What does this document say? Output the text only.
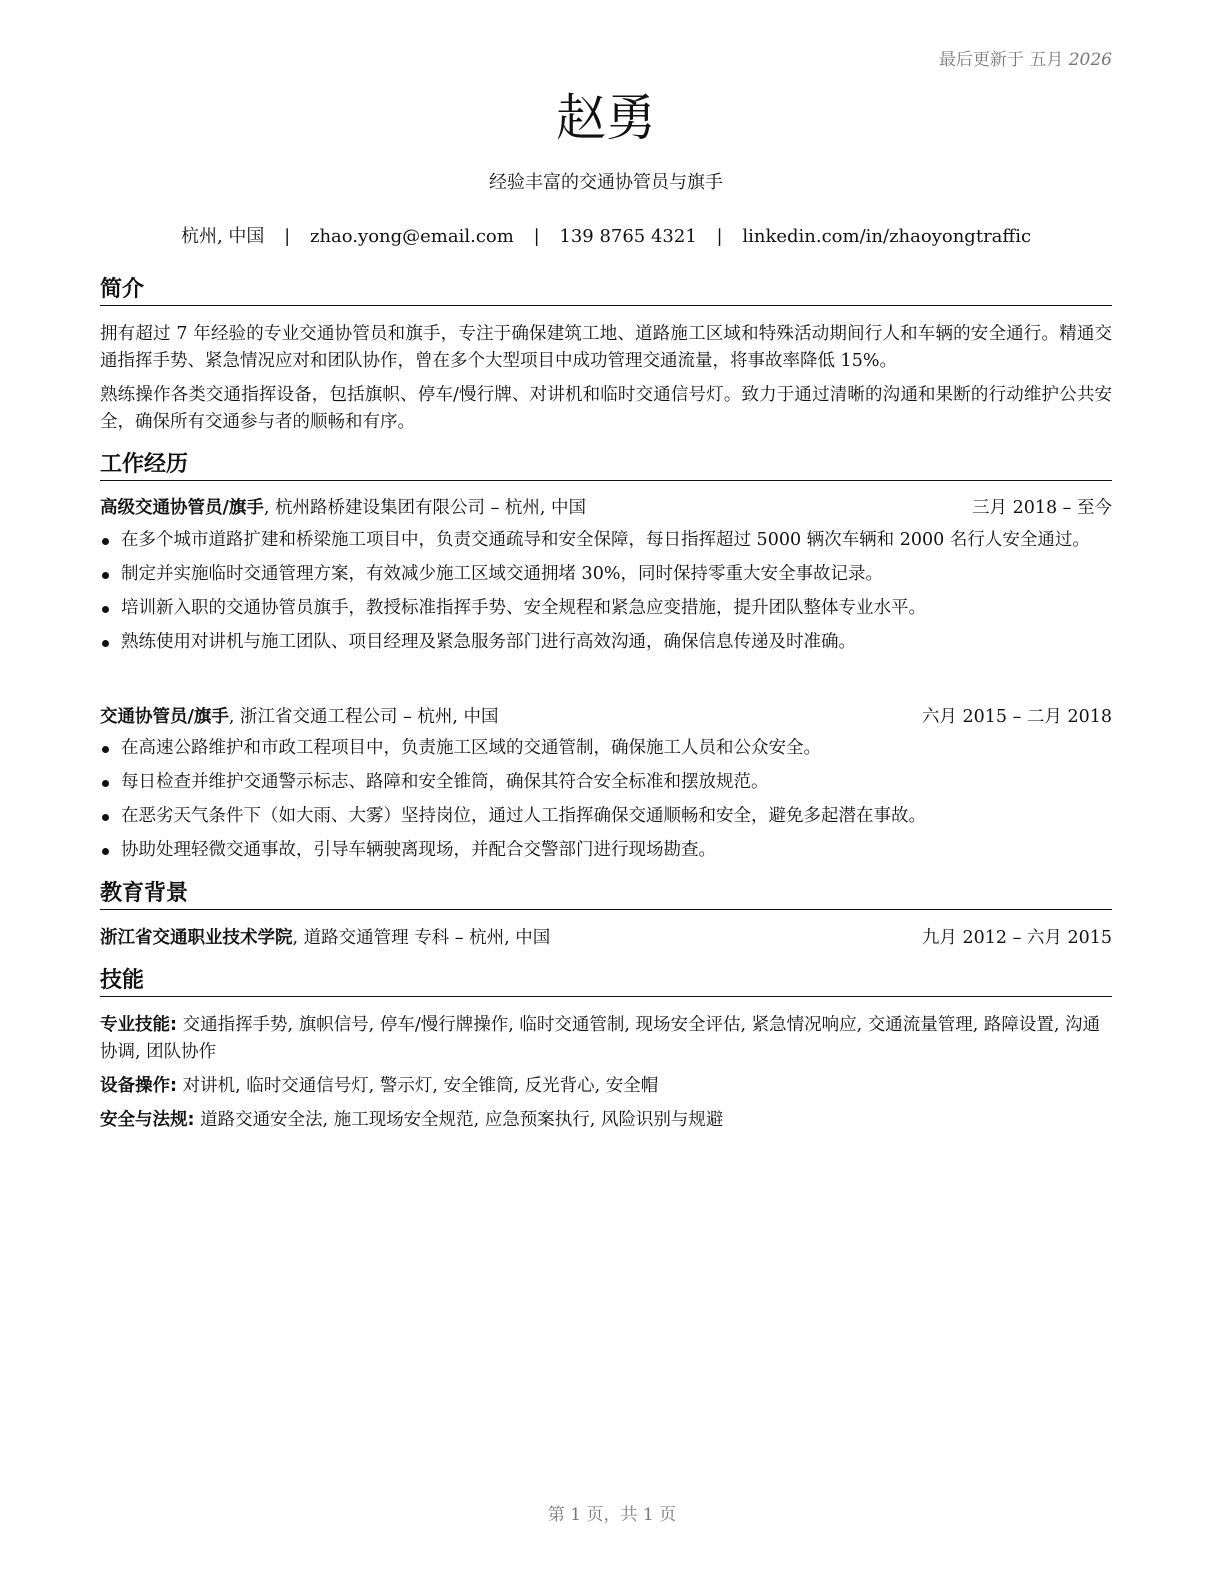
最后更新于 五月 2026
赵勇
经验丰富的交通协管员与旗手
杭州, 中国 | zhao.yong@email.com | 139 8765 4321 | linkedin.com/in/zhaoyongtraffic
简介
拥有超过 7 年经验的专业交通协管员和旗手，专注于确保建筑工地、道路施工区域和特殊活动期间行人和车辆的安全通行。精通交通指挥手势、紧急情况应对和团队协作，曾在多个大型项目中成功管理交通流量，将事故率降低 15%。
熟练操作各类交通指挥设备，包括旗帜、停车/慢行牌、对讲机和临时交通信号灯。致力于通过清晰的沟通和果断的行动维护公共安全，确保所有交通参与者的顺畅和有序。
工作经历
高级交通协管员/旗手, 杭州路桥建设集团有限公司 – 杭州, 中国	三月 2018 – 至今
在多个城市道路扩建和桥梁施工项目中，负责交通疏导和安全保障，每日指挥超过 5000 辆次车辆和 2000 名行人安全通过。
制定并实施临时交通管理方案，有效减少施工区域交通拥堵 30%，同时保持零重大安全事故记录。
培训新入职的交通协管员旗手，教授标准指挥手势、安全规程和紧急应变措施，提升团队整体专业水平。
熟练使用对讲机与施工团队、项目经理及紧急服务部门进行高效沟通，确保信息传递及时准确。
交通协管员/旗手, 浙江省交通工程公司 – 杭州, 中国	六月 2015 – 二月 2018
在高速公路维护和市政工程项目中，负责施工区域的交通管制，确保施工人员和公众安全。
每日检查并维护交通警示标志、路障和安全锥筒，确保其符合安全标准和摆放规范。
在恶劣天气条件下（如大雨、大雾）坚持岗位，通过人工指挥确保交通顺畅和安全，避免多起潜在事故。
协助处理轻微交通事故，引导车辆驶离现场，并配合交警部门进行现场勘查。
教育背景
浙江省交通职业技术学院, 道路交通管理 专科 – 杭州, 中国	九月 2012 – 六月 2015
技能
专业技能: 交通指挥手势, 旗帜信号, 停车/慢行牌操作, 临时交通管制, 现场安全评估, 紧急情况响应, 交通流量管理, 路障设置, 沟通协调, 团队协作
设备操作: 对讲机, 临时交通信号灯, 警示灯, 安全锥筒, 反光背心, 安全帽
安全与法规: 道路交通安全法, 施工现场安全规范, 应急预案执行, 风险识别与规避
第 1 页，共 1 页
